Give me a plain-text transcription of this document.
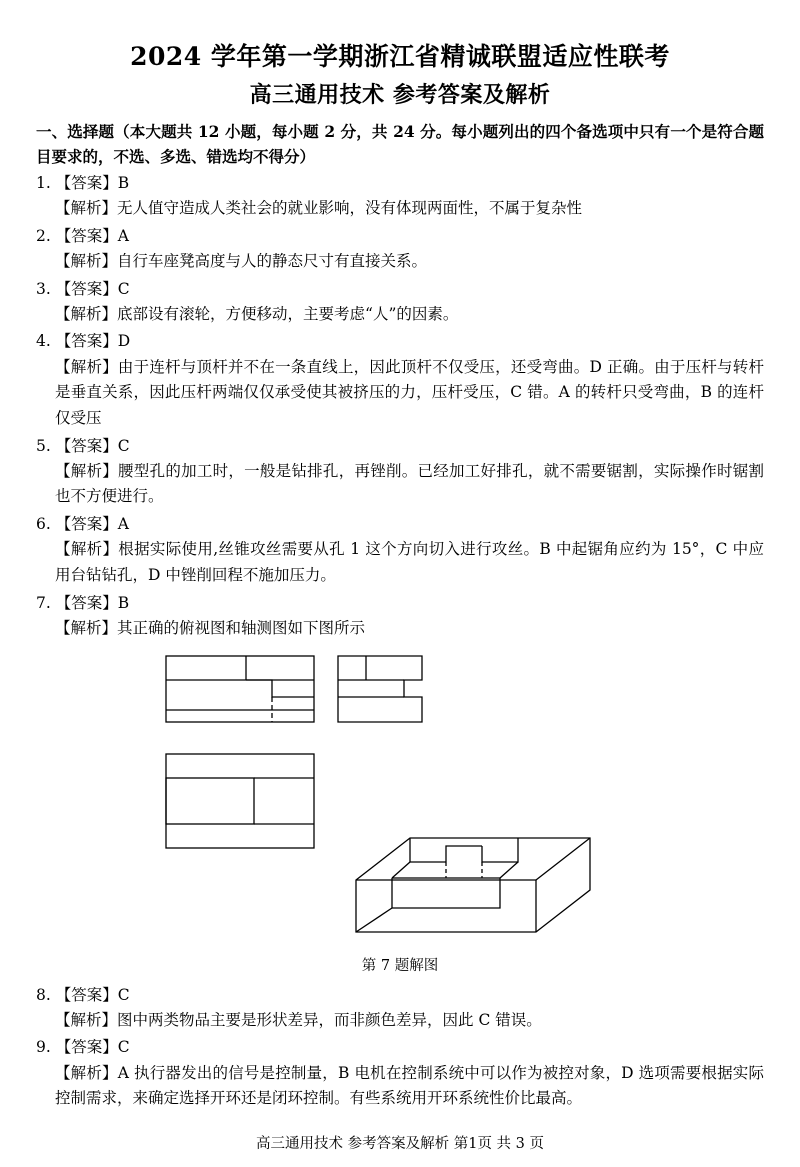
2024 学年第一学期浙江省精诚联盟适应性联考
高三通用技术 参考答案及解析
一、选择题（本大题共 12 小题，每小题 2 分，共 24 分。每小题列出的四个备选项中只有一个是符合题目要求的，不选、多选、错选均不得分）
1. 【答案】B
【解析】无人值守造成人类社会的就业影响，没有体现两面性，不属于复杂性
2. 【答案】A
【解析】自行车座凳高度与人的静态尺寸有直接关系。
3. 【答案】C
【解析】底部设有滚轮，方便移动，主要考虑“人”的因素。
4. 【答案】D
【解析】由于连杆与顶杆并不在一条直线上，因此顶杆不仅受压，还受弯曲。D 正确。由于压杆与转杆是垂直关系，因此压杆两端仅仅承受使其被挤压的力，压杆受压，C 错。A 的转杆只受弯曲，B 的连杆仅受压
5. 【答案】C
【解析】腰型孔的加工时，一般是钻排孔，再锉削。已经加工好排孔，就不需要锯割，实际操作时锯割也不方便进行。
6. 【答案】A
【解析】根据实际使用,丝锥攻丝需要从孔 1 这个方向切入进行攻丝。B 中起锯角应约为 15°，C 中应用台钻钻孔，D 中锉削回程不施加压力。
7. 【答案】B
【解析】其正确的俯视图和轴测图如下图所示
第 7 题解图
8. 【答案】C
【解析】图中两类物品主要是形状差异，而非颜色差异，因此 C 错误。
9. 【答案】C
【解析】A 执行器发出的信号是控制量，B 电机在控制系统中可以作为被控对象，D 选项需要根据实际控制需求，来确定选择开环还是闭环控制。有些系统用开环系统性价比最高。
高三通用技术 参考答案及解析 第1页 共 3 页
